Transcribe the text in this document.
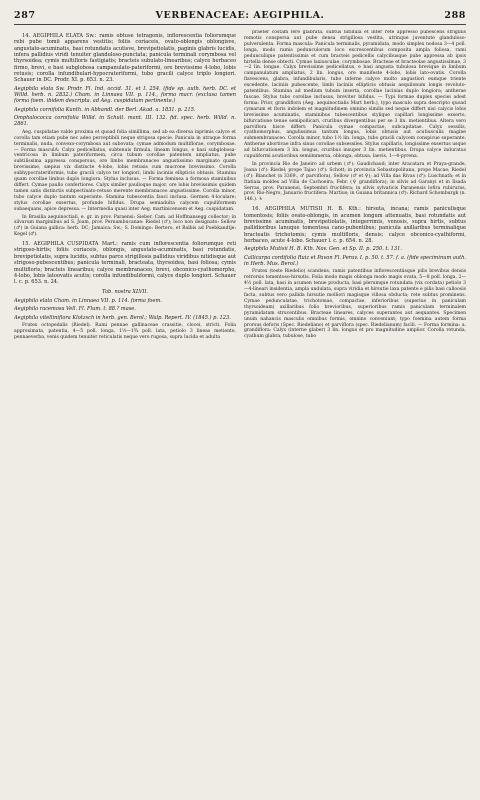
287	VERBENACEAE: AEGIPHILA.	288

14. AEGIPHILA ELATA Sw.: ramis obtuse tetragonis, inflorescentia foliorumque rebi pube tomii apparens vestitis; foliis coriaceis, ovato-oblongis oblongisve, angustato-acuminatis, basi rotundatis acutisve, brevipetiolatis, paginis glabris lucidis, infera pallidius viridi tenuiter glanduloso-punctata; panicula terminali corymbosa vel thyrsoidea; cymis multifloris fastigiatis; bracteis subulato-linearibus; calyce herbaceo firmo, brevi, e basi subglobosa campanulato-pateriformi, ore brevissime 4-lobo, lobis retusis; corolla infundibulari-hypocrateriformi, tubo gracili calyce triplo longiori. Schauer in DC. Prodr. XI. p. 653. n. 23.

Aegiphila elata Sw. Prodr. Fl. Ind. occid. 31. et I. 254. (fide sp. auth. herb. DC. et Willd. herb. n. 2832.) Cham. in Linnaea VII. p. 114., forma macr. (exclusa tamen forma foem. ibidem descripta. ad Aeg. cuspidatam pertinente.)

Aegiphila cornifolia Kunth. in Abhandl. der Berl. Akad. a. 1831. p. 215.

Omphalococca cornifolia Willd. in Schult. mant. III. 132. fid. spec. herb. Willd. n. 2861.

Aeg. cuspidatae valde proxima et quoad folia simillima, sed ab ea diversa inprimis calyce et corolla tam etiam pube nec adeo perceptibili neque strigosa specie. Panicula in utraque forma terminalis, nuda, convexo-corymbosa aut subovata; cymae admodum multiflorae, corymbosae. — Forma masculA: Calyx pedicellatus, subtenuis firmula, lineam longus, e basi subglobosa-ventricosa in limbum pateriformem, circa tubum corollae patentem ampliatus, pube subtilissima appressa conspersus, ore limbo membranaceo angustissimo marginato quam brevissime, sæpius vix distincte 4-lobo, lobis retusis cum mucrone brevissimo. Corolla subhypocrateriformis, tubo gracili calyce ter longiori, limbi laciniis ellipticis obtusis. Stamina quam corollae limbus duplo longiora. Stylus inclusus. — Forma feminea a formosa staminibus differt. Cymae paullo confertiores. Calyx similer paulloque major, ore lobis brevissimis quidem tamen satis distinctis subpectinato-retuso merente membranaceo angustissime. Corolla minor, tubo calyce duplo tantum superante. Stamina tubescentia fauci inclusa. Germen 4-loculare; stylus corollae exsertus, profunde bifidus. Drupa semiadulta calycem cupuliformem subaequans, apice depressa. — Intermedia quasi inter Aeg. martinicensem et Aeg. cuspidatam.

In Brasilia aequinoctiali, e. gr. in prov. Paraensi: Sieber, Cam. ad Hoffmansegg collector; in silvarum marginibus ad S. Joam, prov. Pernambucanae: Riedel (♂); loco non designato: Sellow (♂) in Guiana gallica: herb. DC; Jamaica: Sw.; S. Domingo: Bertero, et Balbis ad Puebkandtje: Kegel (♂).

15. AEGIPHILA CUSPIDATA Mart.: ramis cum inflorescentia foliorumque reti strigoso-hirtis; foliis coriaceis, oblongis, angustato-acuminatis, basi rotundatis, brevipetiolatis, supra lucidis, subtus parce strigillosis pallidius viridibus nitidisque aut strigoso-pubescentibus; panicula terminali, bracteata, thyrsoidea, basi foliosa; cymis multifloris; bracteis linearibus; calyce membranaceo, brevi, obconico-cyathomorpho, 4-lobo, lobis latoovatis acutis; corolla infundibuliformi, calyce duplo longiori. Schauer l. c. p. 653. n. 24.

Tab. nostra XLVII.

Aegiphila elata Cham. in Linnaea VII. p. 114. forma foem.

Aegiphila racemosa Vell. Fl. Flum. t. 88.? mase.

Aegiphila vitelliniflora Klotzsch in herb. gen. Berol.; Walp. Repert. IV. (1845.) p. 123.

Frutex octopedalis (Riedel). Rami pennae gallinaceae crassitie, clocei, stricti. Folia approximata, patentia, 4—5 poll. longa, 1½—1¾ poll. lata, petiolo 3 lineas metiente, pennaeverba, venis quidem tenuiter reticulatis neque vero rugosa, supra lucida et adulta

praeter costam fere glabrata, subtus nitidula et inter rete appresso pubescens strigillis remotis conspersa aut pube densa strigillosa vestita, utrinque juventute glanduloso-pulverulenta. Forma mascula: Panicula terminalis, pyramidata, modo simplex nodosa 3—4 poll. longa, modo ramis pedunculorum loco excrescentibus composita ampla foliosa, rami pedunculique patentissimis et cum bracteis pedicellis calycibusque pube appressa ab ipsis hirtella dense obtecti. Cymae laxiusculae, corymbosae. Bracteae et bracteolae angustissimae, 3—2 lin. longae. Calyx brevissime pedicellatus, e basi angusta tubulosa brevique in limbum campanulatum ampliatus, 2 lin. longus, ore manifeste 4-lobo, lobis lato-ovatis. Corolla flavescens, glabra, infundibularis, tubo inferne calyce multo angustiori eumque triente excedente, laciniis pubescente, limbi laciniis ellipticis obtusis aequilonum longis revoluto-patentibus. Stamina ad medium tubum inserta, corollae lacinias duplo longiora; antherae fuscae. Stylus tubo corollae inclusus, breviter bifidus. — Typi formae duplex speciei adest forma: Prior, grandiflora (Aeg. aequinoctialis Mart herb.), typo masculo supra descripto quoad cymarum et floris indolem et magnitudinem omnino similis sed neque differt nisi calycis lobis brevissime acuminatis, staminibus tubescentibus stylique capillari longissime exserto, bifurcatione tenue semipollicari, cruribus divergentibus per se 3 lin. metientibus. Altera vero parviflora hisce differt: Panicula cymae compactae, subcapitatae. Calyx sessilis, cyathomorphus, angulissimus tantum longus, lobis obtusis aut acutiusculis magine submembranaceo. Corolla minor, tubo 1½ lin. longa, tubo gracili calycem conspicue superante. Antherae abortivae infra sinus corollae subsessiles. Stylus capillaris, longissime exsertus usque ad bifurcationem 3 lin. longus, cruribus insuper 3 lin. metientibus. Drupa calyce induratus cupuliformi acutioribus semiimmersa, oblonga, obtusa, laevis, 1—4-pyrena.

In provincia Rio de Janeiro ad urbem (♂): Gaudichaud; inter Aracatara et Praya-grande, Joana (♂): Riedel; prope Tajao (♂): Schott; in provincia Sebastopolitana, prope Macae; Riedel (♂): Blanchet (n 3369., ♂ parviflora), Sellow (♂ et ♀); ad Villa das Rivas (♂): Luschnath; et in Itatiaia moldes ad Villa de Cachoeira, Febr. (♀ grandiflora); in silvis ad Garanyi et in Ilsada Serras, prov. Paranensi, Septembri fructifera; in silvis sylvaticis Paranensis lofira rubiruras, prov. Rio-Negro, Januario fructifera: Martius; in Guiana britannica (♂): Richard Schomburgk (n. 146.). ♄

16. AEGIPHILA MUTISII H. B. Kth.: hirsuta, incana; ramis paniculisque tomentosis; foliis ovato-oblongis, in acumen longum attenuatis, basi rotundatis aut brevissime acuminatis, brevipetiolatis, integerrimis, venosis, supra hirtis, subtus pallidioribus lanuque tomentosa cano-pubentibus; panicula axillaribus terminalique bracteatis trichotomis; cymis multifloris, densis; calyce obconico-cyathiformi, herbaceo, acute 4-lobo. Schauer l. c. p. 654. n. 28.

Aegiphila Mutisii H. B. Kth. Nov. Gen. et Sp. II. p. 250. t. 131.

Callicarpa cordifolia Ruiz et Pavon Fl. Peruv. I. p. 50. t. 57. f. a. (fide speciminum auth. in Herb. Mus. Berol.)

Frutex (teste Riedelio) scandens, ramis patentibus inflorescentiisque pilis brevibus densis retrorsis tomentoso-hirsutis. Folia modo magis oblonga modo magis ovata, 5—8 poll. longa, 2—4½ poll. lata, basi in acumen tenue producta, basi plerumque rotundata (vix cordata) petiolo 3—4-lineari insidentia, ampla undulata, supra viridia et hirsutie laxa patente e pilis basi calloosis facta, subtus vero pallida hirsutie molliori magisque villosa obducta; rete subtus prominens. Cymae pedunculatae, trichotomae, compactae, inferioribus (superius in paniculam thyrsoideam) axillaribus folio brevioribus, superioribus ramis paniculam terminalem pyramidatam strucentibus. Bracteae lineares, calyces superantes aut aequantes. Specimen unum nahancis masculis omnibus formis, omnino conveniunt; typo foemina autem forma prorsus deforis (Spec. Riedeliano) et parviflora (spec. Riedelianum) facili. — Forma formina: a. grandiflora: Calyx (interne glaber) 3 lin. longus et pro magnitudine amplior. Corolla rotunda, cyathum glabra, tubulose, tubo
